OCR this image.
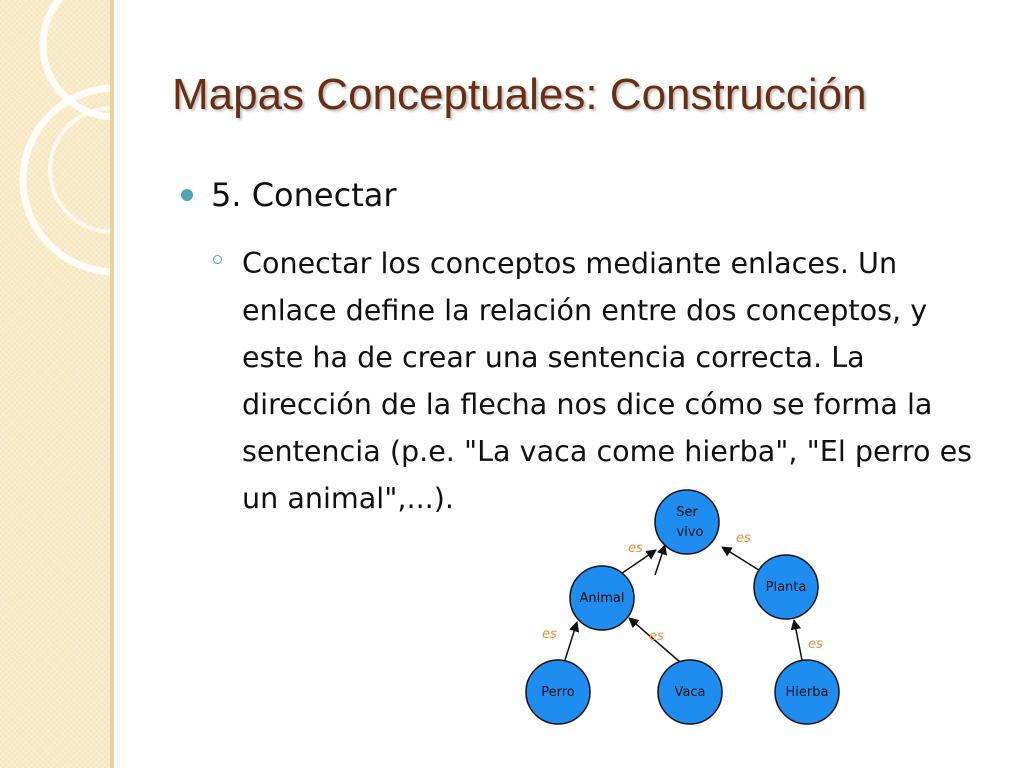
Mapas Conceptuales: Construcción
5. Conectar
Conectar los conceptos mediante enlaces. Un enlace define la relación entre dos conceptos, y este ha de crear una sentencia correcta. La dirección de la flecha nos dice cómo se forma la sentencia (p.e. "La vaca come hierba", "El perro es un animal",...).
es
es
es	es
es
Ser
vivo
Animal
Planta
Perro	Vaca	Hierba
